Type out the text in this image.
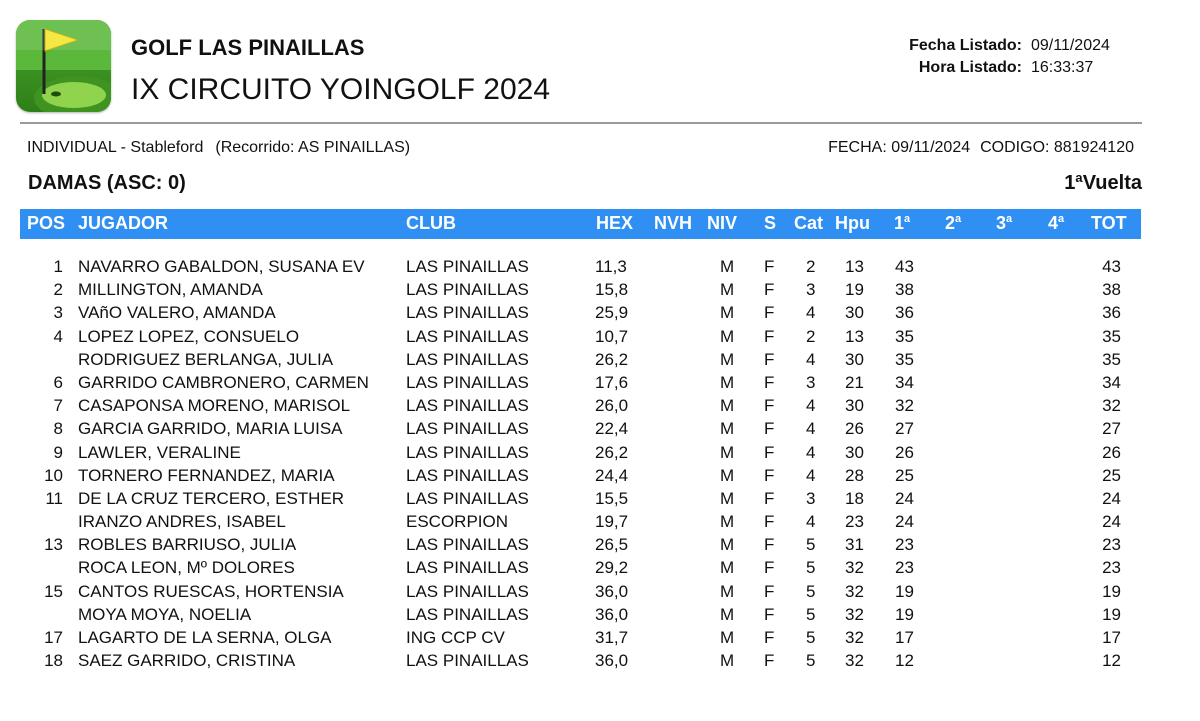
GOLF LAS PINAILLAS
IX CIRCUITO YOINGOLF 2024
Fecha Listado:
Hora Listado:
09/11/2024
16:33:37
INDIVIDUAL - Stableford (Recorrido: AS PINAILLAS)	FECHA: 09/11/2024 CODIGO: 881924120
DAMAS (ASC: 0)	1ªVuelta
POS JUGADOR	CLUB	HEX NVH NIV S Cat Hpu 1$^a$ 2$^a$ 3$^a$ 4$^a$ TOT
1 NAVARRO GABALDON, SUSANA EV LAS PINAILLAS	11,3	M F 2 13 43	43
2 MILLINGTON, AMANDA	LAS PINAILLAS	15,8	M F 3 19 38	38
3 VAñO VALERO, AMANDA	LAS PINAILLAS	25,9	M F 4 30 36	36
4 LOPEZ LOPEZ, CONSUELO	LAS PINAILLAS	10,7	M F 2 13 35	35
RODRIGUEZ BERLANGA, JULIA	LAS PINAILLAS	26,2	M F 4 30 35	35
6 GARRIDO CAMBRONERO, CARMEN LAS PINAILLAS	17,6	M F 3 21 34	34
7 CASAPONSA MORENO, MARISOL	LAS PINAILLAS	26,0	M F 4 30 32	32
8 GARCIA GARRIDO, MARIA LUISA	LAS PINAILLAS	22,4	M F 4 26 27	27
9 LAWLER, VERALINE	LAS PINAILLAS	26,2	M F 4 30 26	26
10 TORNERO FERNANDEZ, MARIA	LAS PINAILLAS	24,4	M F 4 28 25	25
11 DE LA CRUZ TERCERO, ESTHER	LAS PINAILLAS	15,5	M F 3 18 24	24
IRANZO ANDRES, ISABEL	ESCORPION	19,7	M F 4 23 24	24
13 ROBLES BARRIUSO, JULIA	LAS PINAILLAS	26,5	M F 5 31 23	23
ROCA LEON, Mº DOLORES	LAS PINAILLAS	29,2	M F 5 32 23	23
15 CANTOS RUESCAS, HORTENSIA	LAS PINAILLAS	36,0	M F 5 32 19	19
MOYA MOYA, NOELIA	LAS PINAILLAS	36,0	M F 5 32 19	19
17 LAGARTO DE LA SERNA, OLGA	ING CCP CV	31,7	M F 5 32 17	17
18 SAEZ GARRIDO, CRISTINA	LAS PINAILLAS	36,0	M F 5 32 12	12
